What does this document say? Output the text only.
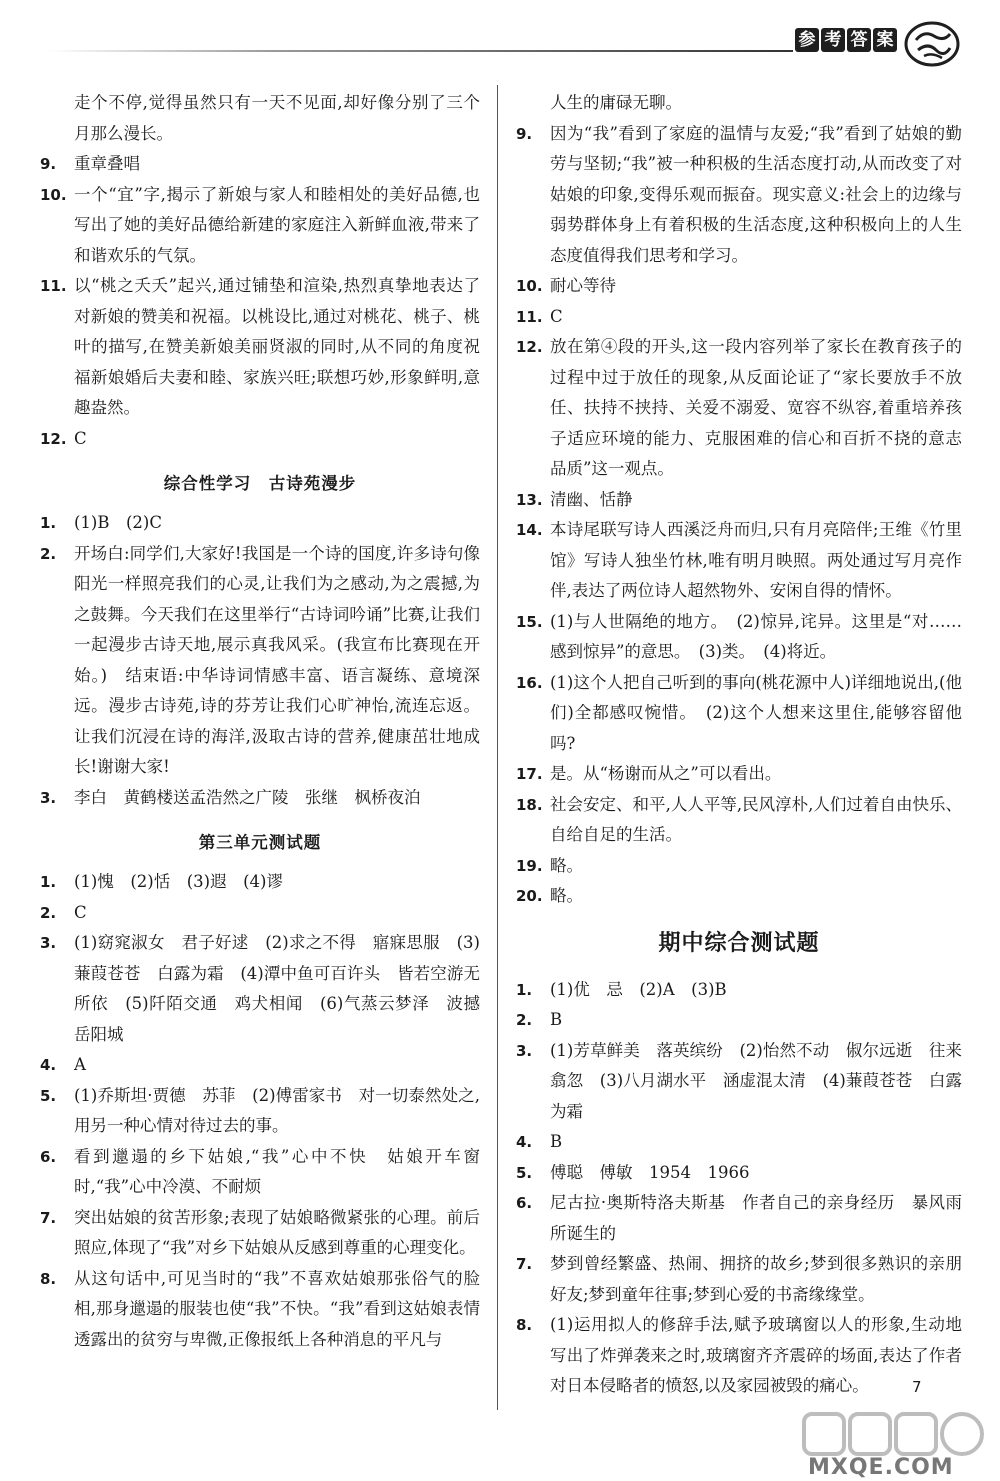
参 考 答 案
走个不停,觉得虽然只有一天不见面,却好像分别了三个月那么漫长。
9.	重章叠唱
10. 一个“宜”字,揭示了新娘与家人和睦相处的美好品德,也写出了她的美好品德给新建的家庭注入新鲜血液,带来了和谐欢乐的气氛。
11. 以“桃之夭夭”起兴,通过铺垫和渲染,热烈真挚地表达了对新娘的赞美和祝福。以桃设比,通过对桃花、桃子、桃叶的描写,在赞美新娘美丽贤淑的同时,从不同的角度祝福新娘婚后夫妻和睦、家族兴旺;联想巧妙,形象鲜明,意趣盎然。
12. C
综合性学习　古诗苑漫步
1.	(1)B　(2)C
2.	开场白:同学们,大家好!我国是一个诗的国度,许多诗句像阳光一样照亮我们的心灵,让我们为之感动,为之震撼,为之鼓舞。今天我们在这里举行“古诗词吟诵”比赛,让我们一起漫步古诗天地,展示真我风采。(我宣布比赛现在开始。)　结束语:中华诗词情感丰富、语言凝练、意境深远。漫步古诗苑,诗的芬芳让我们心旷神怡,流连忘返。让我们沉浸在诗的海洋,汲取古诗的营养,健康茁壮地成长!谢谢大家!
3.	李白　黄鹤楼送孟浩然之广陵　张继　枫桥夜泊
第三单元测试题
1.	(1)愧　(2)恬　(3)遐　(4)谬
2.	C
3.	(1)窈窕淑女　君子好逑　(2)求之不得　寤寐思服　(3)蒹葭苍苍　白露为霜　(4)潭中鱼可百许头　皆若空游无所依　(5)阡陌交通　鸡犬相闻　(6)气蒸云梦泽　波撼岳阳城
4.	A
5.	(1)乔斯坦·贾德　苏菲　(2)傅雷家书　对一切泰然处之,用另一种心情对待过去的事。
6.	看到邋遢的乡下姑娘,“我”心中不快　姑娘开车窗时,“我”心中冷漠、不耐烦
7.	突出姑娘的贫苦形象;表现了姑娘略微紧张的心理。前后照应,体现了“我”对乡下姑娘从反感到尊重的心理变化。
8.	从这句话中,可见当时的“我”不喜欢姑娘那张俗气的脸相,那身邋遢的服装也使“我”不快。“我”看到这姑娘表情透露出的贫穷与卑微,正像报纸上各种消息的平凡与
人生的庸碌无聊。
9.	因为“我”看到了家庭的温情与友爱;“我”看到了姑娘的勤劳与坚韧;“我”被一种积极的生活态度打动,从而改变了对姑娘的印象,变得乐观而振奋。现实意义:社会上的边缘与弱势群体身上有着积极的生活态度,这种积极向上的人生态度值得我们思考和学习。
10. 耐心等待
11. C
12. 放在第④段的开头,这一段内容列举了家长在教育孩子的过程中过于放任的现象,从反面论证了“家长要放手不放任、扶持不挟持、关爱不溺爱、宽容不纵容,着重培养孩子适应环境的能力、克服困难的信心和百折不挠的意志品质”这一观点。
13. 清幽、恬静
14. 本诗尾联写诗人西溪泛舟而归,只有月亮陪伴;王维《竹里馆》写诗人独坐竹林,唯有明月映照。两处通过写月亮作伴,表达了两位诗人超然物外、安闲自得的情怀。
15. (1)与人世隔绝的地方。　(2)惊异,诧异。这里是“对……感到惊异”的意思。　(3)类。　(4)将近。
16. (1)这个人把自己听到的事向(桃花源中人)详细地说出,(他们)全都感叹惋惜。　(2)这个人想来这里住,能够容留他吗?
17. 是。从“杨谢而从之”可以看出。
18. 社会安定、和平,人人平等,民风淳朴,人们过着自由快乐、自给自足的生活。
19. 略。
20. 略。
期中综合测试题
1.	(1)优　忌　(2)A　(3)B
2.	B
3.	(1)芳草鲜美　落英缤纷　(2)怡然不动　俶尔远逝　往来翕忽　(3)八月湖水平　涵虚混太清　(4)蒹葭苍苍　白露为霜
4.	B
5.	傅聪　傅敏　1954　1966
6.	尼古拉·奥斯特洛夫斯基　作者自己的亲身经历　暴风雨所诞生的
7.	梦到曾经繁盛、热闹、拥挤的故乡;梦到很多熟识的亲朋好友;梦到童年往事;梦到心爱的书斋缘缘堂。
8.	(1)运用拟人的修辞手法,赋予玻璃窗以人的形象,生动地写出了炸弹袭来之时,玻璃窗齐齐震碎的场面,表达了作者对日本侵略者的愤怒,以及家园被毁的痛心。	7
MXQE.COM
